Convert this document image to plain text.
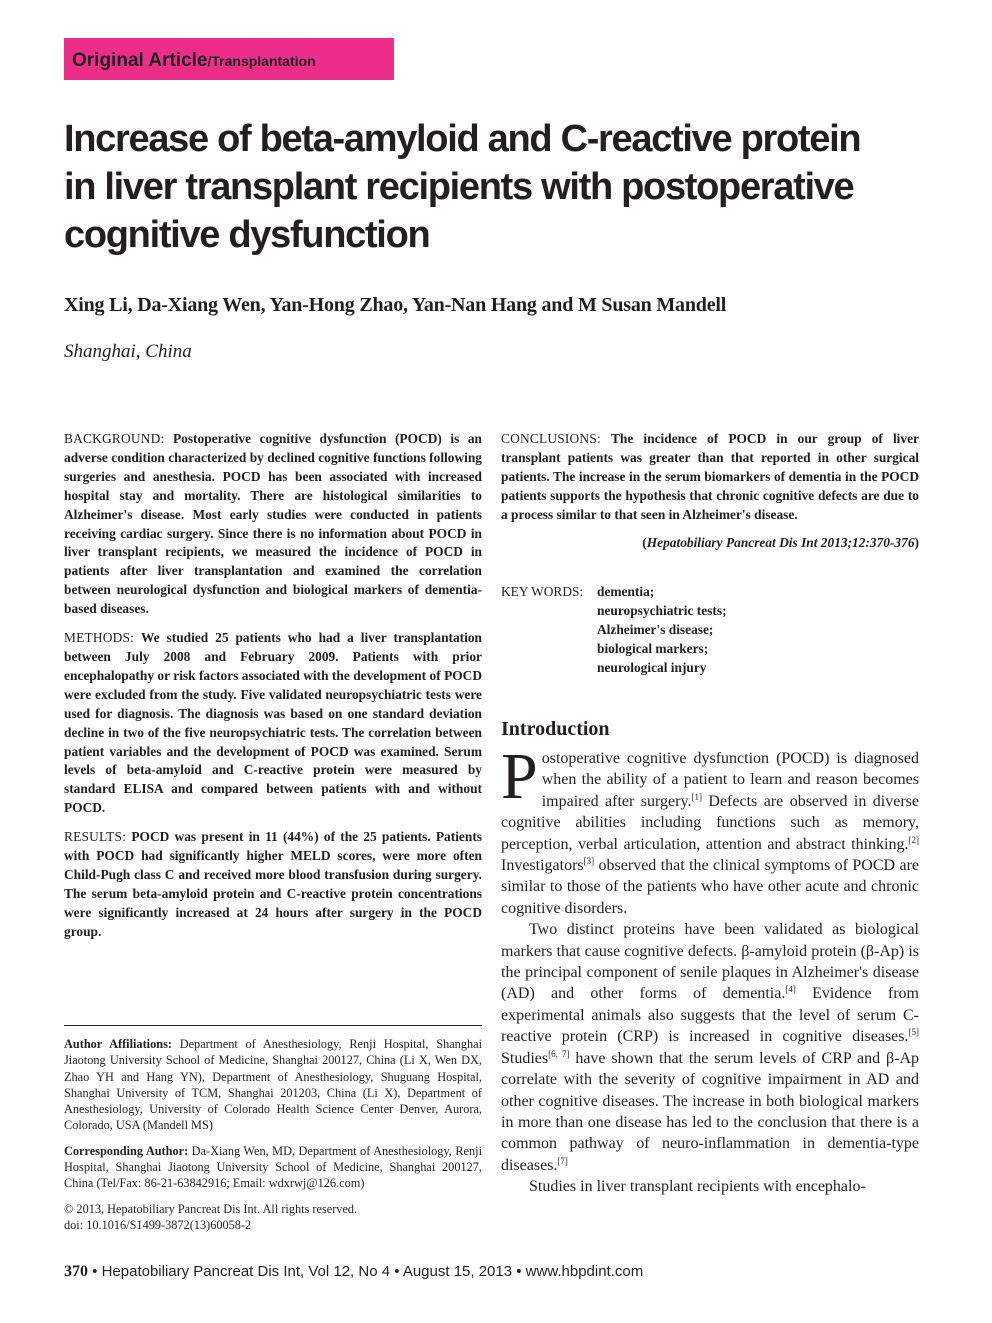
Original Article/Transplantation
Increase of beta-amyloid and C-reactive protein
in liver transplant recipients with postoperative
cognitive dysfunction
Xing Li, Da-Xiang Wen, Yan-Hong Zhao, Yan-Nan Hang and M Susan Mandell
Shanghai, China

BACKGROUND: Postoperative cognitive dysfunction (POCD) is an adverse condition characterized by declined cognitive functions following surgeries and anesthesia. POCD has been associated with increased hospital stay and mortality. There are histological similarities to Alzheimer's disease. Most early studies were conducted in patients receiving cardiac surgery. Since there is no information about POCD in liver transplant recipients, we measured the incidence of POCD in patients after liver transplantation and examined the correlation between neurological dysfunction and biological markers of dementia-based diseases.

METHODS: We studied 25 patients who had a liver transplantation between July 2008 and February 2009. Patients with prior encephalopathy or risk factors associated with the development of POCD were excluded from the study. Five validated neuropsychiatric tests were used for diagnosis. The diagnosis was based on one standard deviation decline in two of the five neuropsychiatric tests. The correlation between patient variables and the development of POCD was examined. Serum levels of beta-amyloid and C-reactive protein were measured by standard ELISA and compared between patients with and without POCD.

RESULTS: POCD was present in 11 (44%) of the 25 patients. Patients with POCD had significantly higher MELD scores, were more often Child-Pugh class C and received more blood transfusion during surgery. The serum beta-amyloid protein and C-reactive protein concentrations were significantly increased at 24 hours after surgery in the POCD group.

Author Affiliations: Department of Anesthesiology, Renji Hospital, Shanghai Jiaotong University School of Medicine, Shanghai 200127, China (Li X, Wen DX, Zhao YH and Hang YN), Department of Anesthesiology, Shuguang Hospital, Shanghai University of TCM, Shanghai 201203, China (Li X), Department of Anesthesiology, University of Colorado Health Science Center Denver, Aurora, Colorado, USA (Mandell MS)

Corresponding Author: Da-Xiang Wen, MD, Department of Anesthesiology, Renji Hospital, Shanghai Jiaotong University School of Medicine, Shanghai 200127, China (Tel/Fax: 86-21-63842916; Email: wdxrwj@126.com)

© 2013, Hepatobiliary Pancreat Dis Int. All rights reserved.
doi: 10.1016/S1499-3872(13)60058-2

CONCLUSIONS: The incidence of POCD in our group of liver transplant patients was greater than that reported in other surgical patients. The increase in the serum biomarkers of dementia in the POCD patients supports the hypothesis that chronic cognitive defects are due to a process similar to that seen in Alzheimer's disease.

(Hepatobiliary Pancreat Dis Int 2013;12:370-376)

KEY WORDS: dementia;
neuropsychiatric tests;
Alzheimer's disease;
biological markers;
neurological injury
Introduction

Postoperative cognitive dysfunction (POCD) is diagnosed when the ability of a patient to learn and reason becomes impaired after surgery.[1] Defects are observed in diverse cognitive abilities including functions such as memory, perception, verbal articulation, attention and abstract thinking.[2] Investigators[3] observed that the clinical symptoms of POCD are similar to those of the patients who have other acute and chronic cognitive disorders.

Two distinct proteins have been validated as biological markers that cause cognitive defects. β-amyloid protein (β-Ap) is the principal component of senile plaques in Alzheimer's disease (AD) and other forms of dementia.[4] Evidence from experimental animals also suggests that the level of serum C-reactive protein (CRP) is increased in cognitive diseases.[5] Studies[6, 7] have shown that the serum levels of CRP and β-Ap correlate with the severity of cognitive impairment in AD and other cognitive diseases. The increase in both biological markers in more than one disease has led to the conclusion that there is a common pathway of neuro-inflammation in dementia-type diseases.[7]

Studies in liver transplant recipients with encephalo-

370 • Hepatobiliary Pancreat Dis Int, Vol 12, No 4 • August 15, 2013 • www.hbpdint.com
